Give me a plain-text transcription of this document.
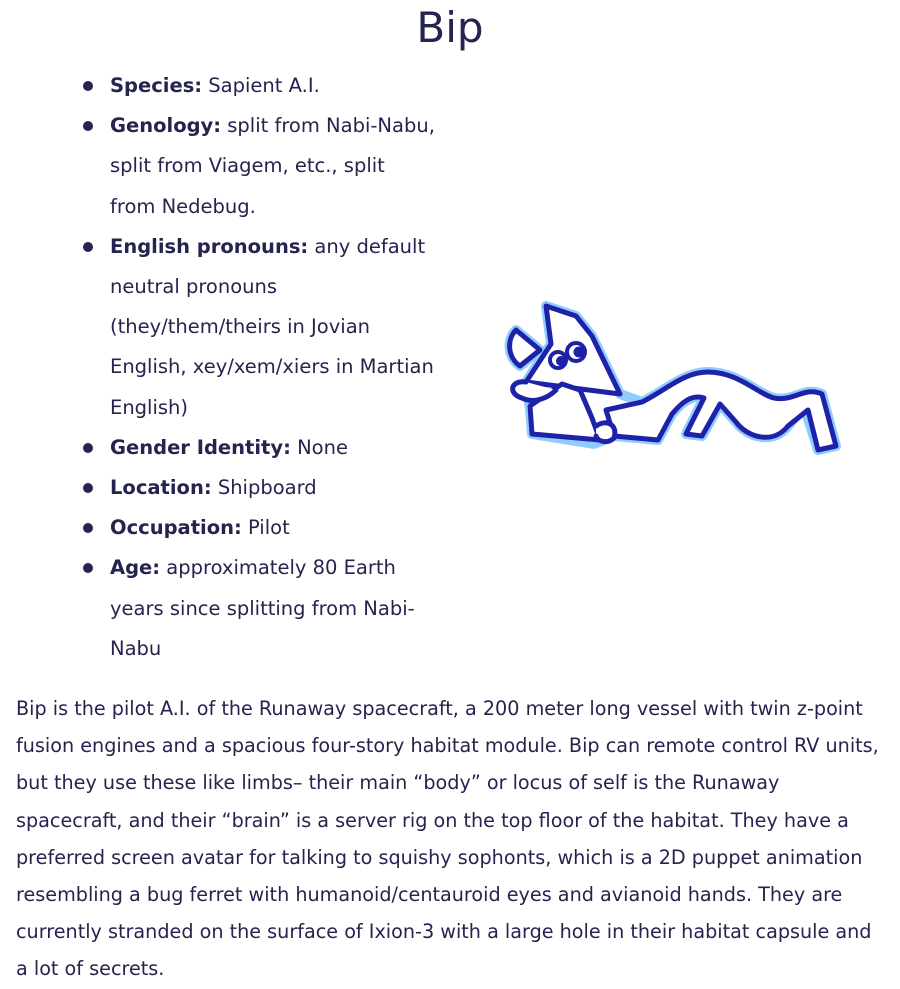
Bip
Species: Sapient A.I.
Genology: split from Nabi-Nabu, split from Viagem, etc., split from Nedebug.
English pronouns: any default neutral pronouns (they/them/theirs in Jovian English, xey/xem/xiers in Martian English)
Gender Identity: None
Location: Shipboard
Occupation: Pilot
Age: approximately 80 Earth years since splitting from Nabi-Nabu

Bip is the pilot A.I. of the Runaway spacecraft, a 200 meter long vessel with twin z-point fusion engines and a spacious four-story habitat module. Bip can remote control RV units, but they use these like limbs– their main “body” or locus of self is the Runaway spacecraft, and their “brain” is a server rig on the top floor of the habitat. They have a preferred screen avatar for talking to squishy sophonts, which is a 2D puppet animation resembling a bug ferret with humanoid/centauroid eyes and avianoid hands. They are currently stranded on the surface of Ixion-3 with a large hole in their habitat capsule and a lot of secrets.
